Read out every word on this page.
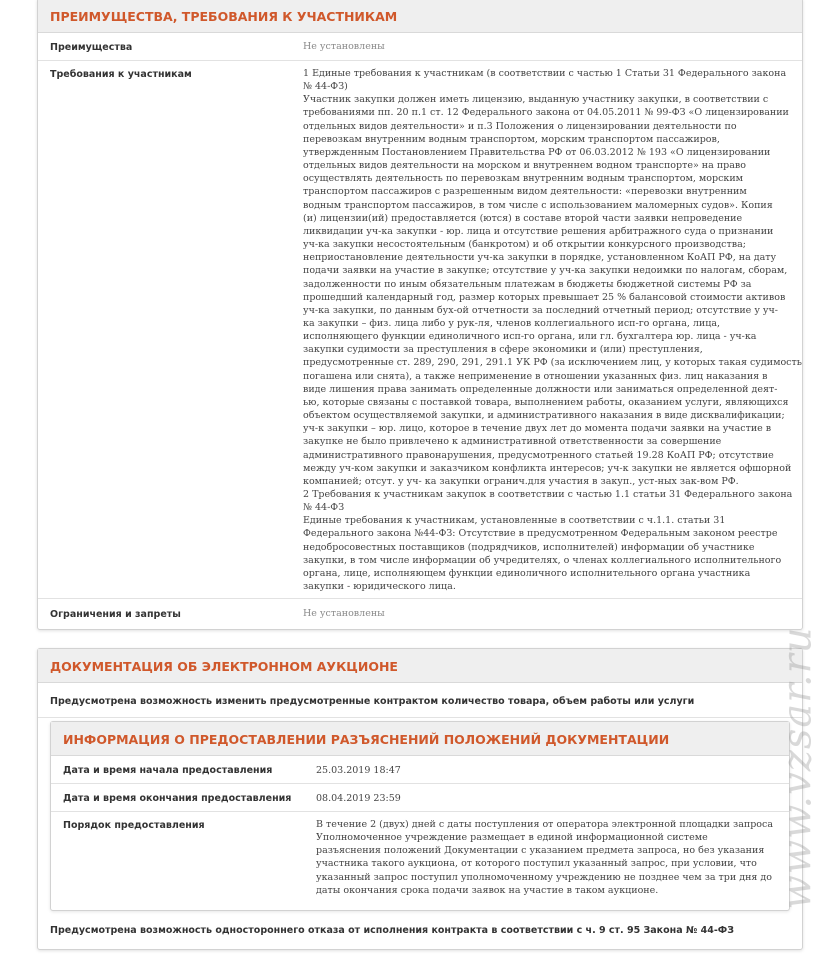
ПРЕИМУЩЕСТВА, ТРЕБОВАНИЯ К УЧАСТНИКАМ
Преимущества	Не установлены
Требования к участникам	1 Единые требования к участникам (в соответствии с частью 1 Статьи 31 Федерального закона
№ 44-ФЗ)
Участник закупки должен иметь лицензию, выданную участнику закупки, в соответствии с
требованиями пп. 20 п.1 ст. 12 Федерального закона от 04.05.2011 № 99-ФЗ «О лицензировании
отдельных видов деятельности» и п.3 Положения о лицензировании деятельности по
перевозкам внутренним водным транспортом, морским транспортом пассажиров,
утвержденным Постановлением Правительства РФ от 06.03.2012 № 193 «О лицензировании
отдельных видов деятельности на морском и внутреннем водном транспорте» на право
осуществлять деятельность по перевозкам внутренним водным транспортом, морским
транспортом пассажиров с разрешенным видом деятельности: «перевозки внутренним
водным транспортом пассажиров, в том числе с использованием маломерных судов». Копия
(и) лицензии(ий) предоставляется (ются) в составе второй части заявки непроведение
ликвидации уч-ка закупки - юр. лица и отсутствие решения арбитражного суда о признании
уч-ка закупки несостоятельным (банкротом) и об открытии конкурсного производства;
неприостановление деятельности уч-ка закупки в порядке, установленном КоАП РФ, на дату
подачи заявки на участие в закупке; отсутствие у уч-ка закупки недоимки по налогам, сборам,
задолженности по иным обязательным платежам в бюджеты бюджетной системы РФ за
прошедший календарный год, размер которых превышает 25 % балансовой стоимости активов
уч-ка закупки, по данным бух-ой отчетности за последний отчетный период; отсутствие у уч-
ка закупки – физ. лица либо у рук-ля, членов коллегиального исп-го органа, лица,
исполняющего функции единоличного исп-го органа, или гл. бухгалтера юр. лица - уч-ка
закупки судимости за преступления в сфере экономики и (или) преступления,
предусмотренные ст. 289, 290, 291, 291.1 УК РФ (за исключением лиц, у которых такая судимость
погашена или снята), а также неприменение в отношении указанных физ. лиц наказания в
виде лишения права занимать определенные должности или заниматься определенной деят-
ью, которые связаны с поставкой товара, выполнением работы, оказанием услуги, являющихся
объектом осуществляемой закупки, и административного наказания в виде дисквалификации;
уч-к закупки – юр. лицо, которое в течение двух лет до момента подачи заявки на участие в
закупке не было привлечено к административной ответственности за совершение
административного правонарушения, предусмотренного статьей 19.28 КоАП РФ; отсутствие
между уч-ком закупки и заказчиком конфликта интересов; уч-к закупки не является офшорной
компанией; отсут. у уч- ка закупки огранич.для участия в закуп., уст-ных зак-вом РФ.
2 Требования к участникам закупок в соответствии с частью 1.1 статьи 31 Федерального закона
№ 44-ФЗ
Единые требования к участникам, установленные в соответствии с ч.1.1. статьи 31
Федерального закона №44-ФЗ: Отсутствие в предусмотренном Федеральным законом реестре
недобросовестных поставщиков (подрядчиков, исполнителей) информации об участнике
закупки, в том числе информации об учредителях, о членах коллегиального исполнительного
органа, лице, исполняющем функции единоличного исполнительного органа участника
закупки - юридического лица.
Ограничения и запреты	Не установлены
ДОКУМЕНТАЦИЯ ОБ ЭЛЕКТРОННОМ АУКЦИОНЕ
Предусмотрена возможность изменить предусмотренные контрактом количество товара, объем работы или услуги
ИНФОРМАЦИЯ О ПРЕДОСТАВЛЕНИИ РАЗЪЯСНЕНИЙ ПОЛОЖЕНИЙ ДОКУМЕНТАЦИИ
Дата и время начала предоставления	25.03.2019 18:47
Дата и время окончания предоставления	08.04.2019 23:59
Порядок предоставления	В течение 2 (двух) дней с даты поступления от оператора электронной площадки запроса
Уполномоченное учреждение размещает в единой информационной системе
разъяснения положений Документации с указанием предмета запроса, но без указания
участника такого аукциона, от которого поступил указанный запрос, при условии, что
указанный запрос поступил уполномоченному учреждению не позднее чем за три дня до
даты окончания срока подачи заявок на участие в таком аукционе.
Предусмотрена возможность одностороннего отказа от исполнения контракта в соответствии с ч. 9 ст. 95 Закона № 44-ФЗ
www.vzsar.ru
